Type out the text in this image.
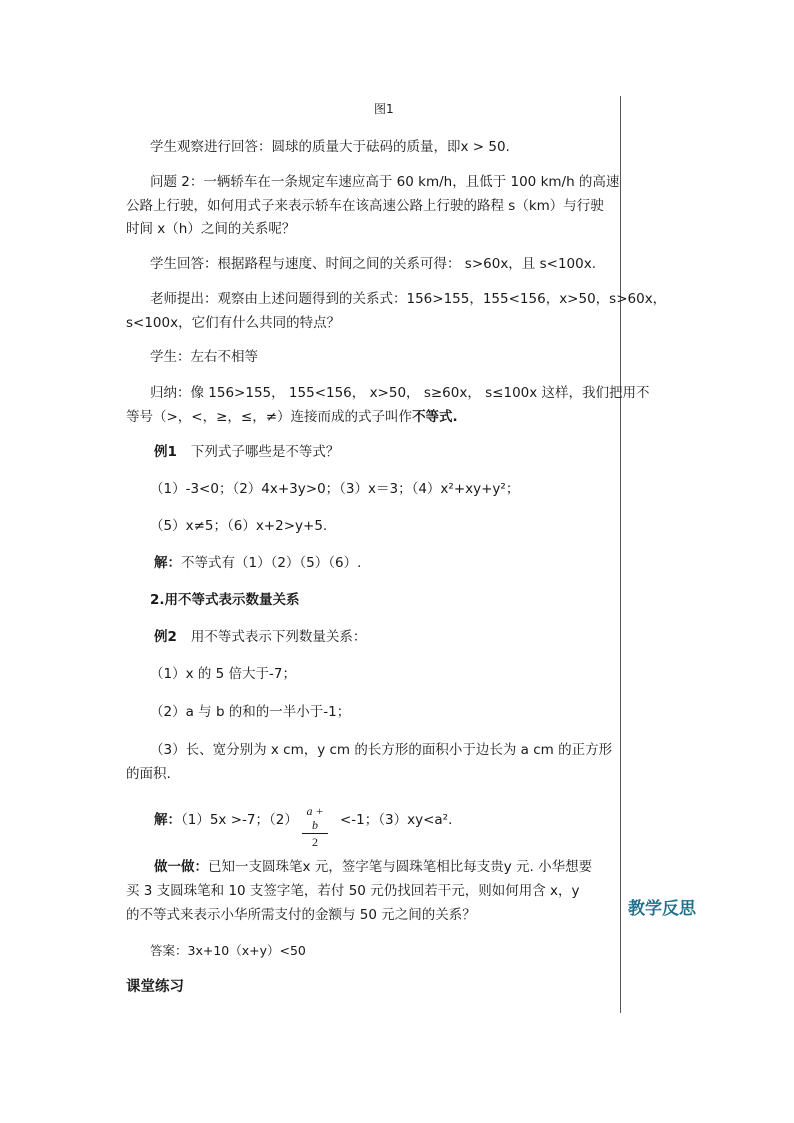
图1
学生观察进行回答：圆球的质量大于砝码的质量，即x > 50.
问题 2：一辆轿车在一条规定车速应高于 60 km/h，且低于 100 km/h 的高速
公路上行驶，如何用式子来表示轿车在该高速公路上行驶的路程 s（km）与行驶
时间 x（h）之间的关系呢？
学生回答：根据路程与速度、时间之间的关系可得： s>60x，且 s<100x.
老师提出：观察由上述问题得到的关系式：156>155，155<156，x>50，s>60x，
s<100x，它们有什么共同的特点？
学生：左右不相等
归纳：像 156>155， 155<156， x>50， s≥60x， s≤100x 这样，我们把用不
等号（>，<，≥，≤，≠）连接而成的式子叫作不等式.
例1 下列式子哪些是不等式？
（1）-3<0；（2）4x+3y>0；（3）x＝3；（4）x²+xy+y²；
（5）x≠5；（6）x+2>y+5.
解：不等式有（1）（2）（5）（6）.
2.用不等式表示数量关系
例2 用不等式表示下列数量关系：
（1）x 的 5 倍大于-7；
（2）a 与 b 的和的一半小于-1；
（3）长、宽分别为 x cm，y cm 的长方形的面积小于边长为 a cm 的正方形
的面积.
解：（1）5x >-7；（2）
a + b
2
<-1；（3）xy<a².
做一做：已知一支圆珠笔x 元，签字笔与圆珠笔相比每支贵y 元. 小华想要
买 3 支圆珠笔和 10 支签字笔，若付 50 元仍找回若干元，则如何用含 x，y
的不等式来表示小华所需支付的金额与 50 元之间的关系？
答案：3x+10（x+y）<50
课堂练习
教学反思
